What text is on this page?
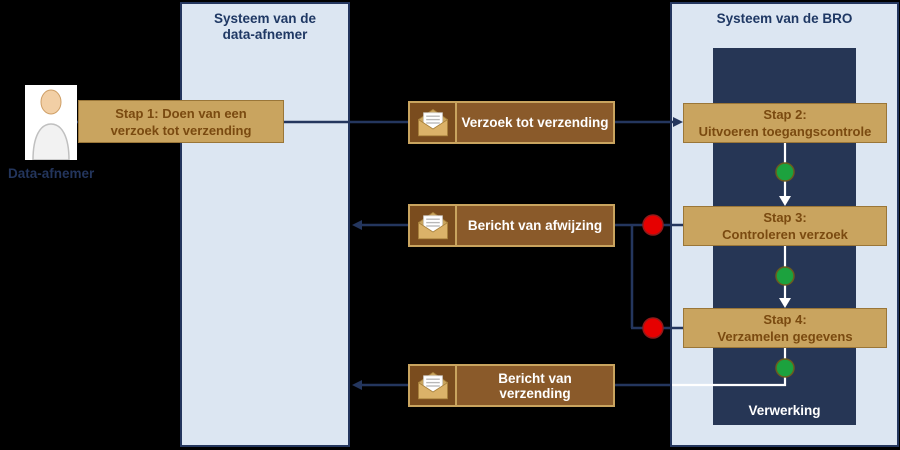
Systeem van de
data-afnemer
Systeem van de BRO
Verwerking
Data-afnemer
Stap 1: Doen van een
verzoek tot verzending
Stap 2:
Uitvoeren toegangscontrole
Stap 3:
Controleren verzoek
Stap 4:
Verzamelen gegevens
Verzoek tot verzending
Bericht van afwijzing
Bericht van verzending
